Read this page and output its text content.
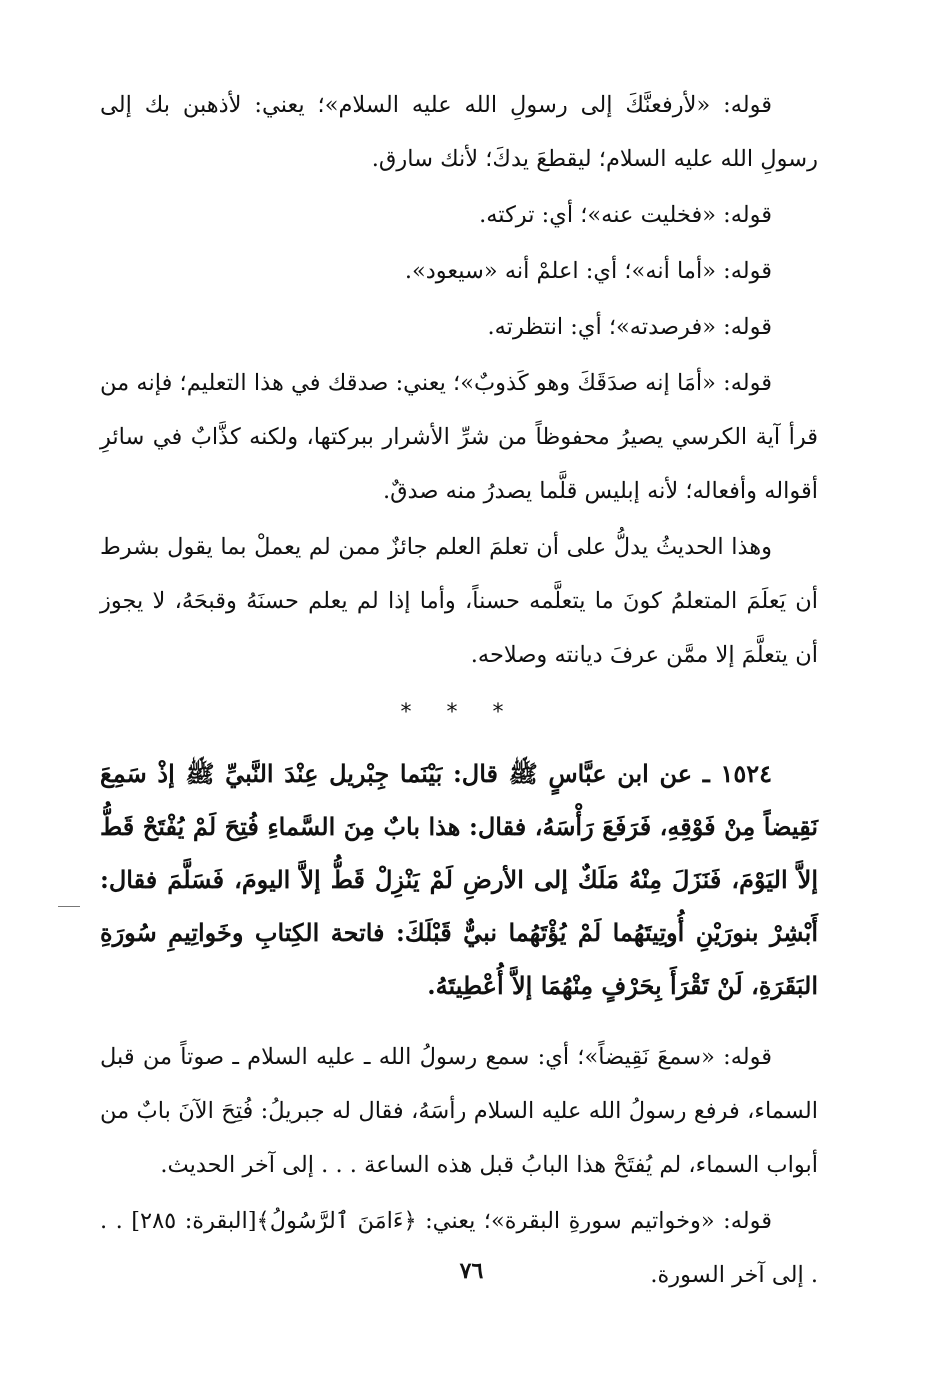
قوله: «لأرفعنَّكَ إلى رسولِ الله عليه السلام»؛ يعني: لأذهبن بك إلى رسولِ الله عليه السلام؛ ليقطعَ يدكَ؛ لأنك سارق.

قوله: «فخليت عنه»؛ أي: تركته.

قوله: «أما أنه»؛ أي: اعلمْ أنه «سيعود».

قوله: «فرصدته»؛ أي: انتظرته.

قوله: «أمَا إنه صدَقَكَ وهو كَذوبٌ»؛ يعني: صدقك في هذا التعليم؛ فإنه من قرأ آية الكرسي يصيرُ محفوظاً من شرِّ الأشرار ببركتها، ولكنه كذَّابٌ في سائرِ أقواله وأفعاله؛ لأنه إبليس قلَّما يصدرُ منه صدقٌ.

وهذا الحديثُ يدلُّ على أن تعلمَ العلم جائزٌ ممن لم يعملْ بما يقول بشرط أن يَعلَمَ المتعلمُ كونَ ما يتعلَّمه حسناً، وأما إذا لم يعلم حسنَهُ وقبحَهُ، لا يجوز أن يتعلَّمَ إلا ممَّن عرفَ ديانته وصلاحه.

* * *

١٥٢٤ ـ عن ابن عبَّاسٍ ﷺ قال: بَيْنَما جِبْريل عِنْدَ النَّبيِّ ﷺ إذْ سَمِعَ نَقِيضاً مِنْ فَوْقِهِ، فَرَفَعَ رَأْسَهُ، فقال: هذا بابٌ مِنَ السَّماءِ فُتِحَ لَمْ يُفْتَحْ قَطُّ إلاَّ اليَوْمَ، فَنَزَلَ مِنْهُ مَلَكٌ إلى الأرضِ لَمْ يَنْزِلْ قَطُّ إلاَّ اليومَ، فَسَلَّمَ فقال: أَبْشِرْ بنورَيْنِ أُوتِيتَهُما لَمْ يُؤْتَهُما نبيٌّ قَبْلَكَ: فاتحة الكِتابِ وخَواتِيمِ سُورَةِ البَقَرَةِ، لَنْ تَقْرَأَ بِحَرْفٍ مِنْهُمَا إلاَّ أُعْطِيتَهُ.

قوله: «سمعَ نَقِيضاً»؛ أي: سمع رسولُ الله ـ عليه السلام ـ صوتاً من قبل السماء، فرفع رسولُ الله عليه السلام رأسَهُ، فقال له جبريلُ: فُتِحَ الآنَ بابٌ من أبواب السماء، لم يُفتَحْ هذا البابُ قبل هذه الساعة . . . إلى آخر الحديث.

قوله: «وخواتيم سورةِ البقرة»؛ يعني: ﴿ءَامَنَ ٱلرَّسُولُ﴾[البقرة: ٢٨٥] . . . إلى آخر السورة.

٧٦
